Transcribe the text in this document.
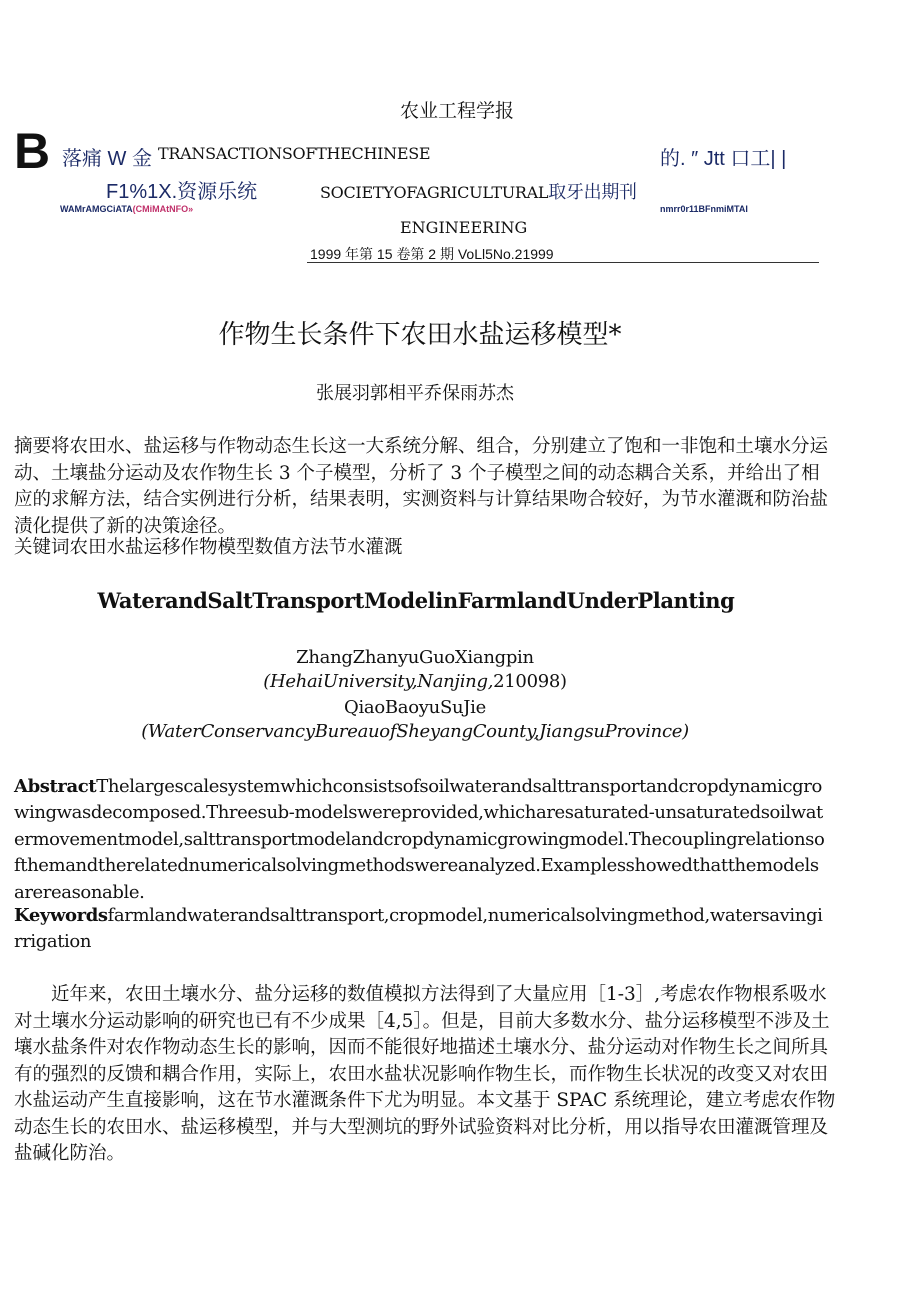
农业工程学报
B 落痛 W 金
F1%1X.资源乐统
WAMrAMGCiATA(CMiMAtNFO»
TRANSACTIONSOFTHECHINESE
SOCIETYOFAGRICULTURAL取牙出期刊
ENGINEERING
的. ″ Jtt 口工| |
nmrr0r11BFnmiMTAI
1999 年第 15 卷第 2 期 VoLl5No.21999
作物生长条件下农田水盐运移模型*
张展羽郭相平乔保雨苏杰
摘要将农田水、盐运移与作物动态生长这一大系统分解、组合，分别建立了饱和一非饱和土壤水分运动、土壤盐分运动及农作物生长 3 个子模型，分析了 3 个子模型之间的动态耦合关系，并给出了相应的求解方法，结合实例进行分析，结果表明，实测资料与计算结果吻合较好，为节水灌溉和防治盐渍化提供了新的决策途径。
关键词农田水盐运移作物模型数值方法节水灌溉
WaterandSaltTransportModelinFarmlandUnderPlanting
ZhangZhanyuGuoXiangpin
(HehaiUniversity,Nanjing,210098)
QiaoBaoyuSuJie
(WaterConservancyBureauofSheyangCounty,JiangsuProvince)
AbstractThelargescalesystemwhichconsistsofsoilwaterandsalttransportandcropdynamicgrowingwasdecomposed.Threesub-modelswereprovided,whicharesaturated-unsaturatedsoilwatermovementmodel,salttransportmodelandcropdynamicgrowingmodel.Thecouplingrelationsofthemandtherelatednumericalsolvingmethodswereanalyzed.Examplesshowedthatthemodelsarereasonable.
Keywordsfarmlandwaterandsalttransport,cropmodel,numericalsolvingmethod,watersavingirrigation
近年来，农田土壤水分、盐分运移的数值模拟方法得到了大量应用［1-3］,考虑农作物根系吸水对土壤水分运动影响的研究也已有不少成果［4,5］。但是，目前大多数水分、盐分运移模型不涉及土壤水盐条件对农作物动态生长的影响，因而不能很好地描述土壤水分、盐分运动对作物生长之间所具有的强烈的反馈和耦合作用，实际上，农田水盐状况影响作物生长，而作物生长状况的改变又对农田水盐运动产生直接影响，这在节水灌溉条件下尤为明显。本文基于 SPAC 系统理论，建立考虑农作物动态生长的农田水、盐运移模型，并与大型测坑的野外试验资料对比分析，用以指导农田灌溉管理及盐碱化防治。
